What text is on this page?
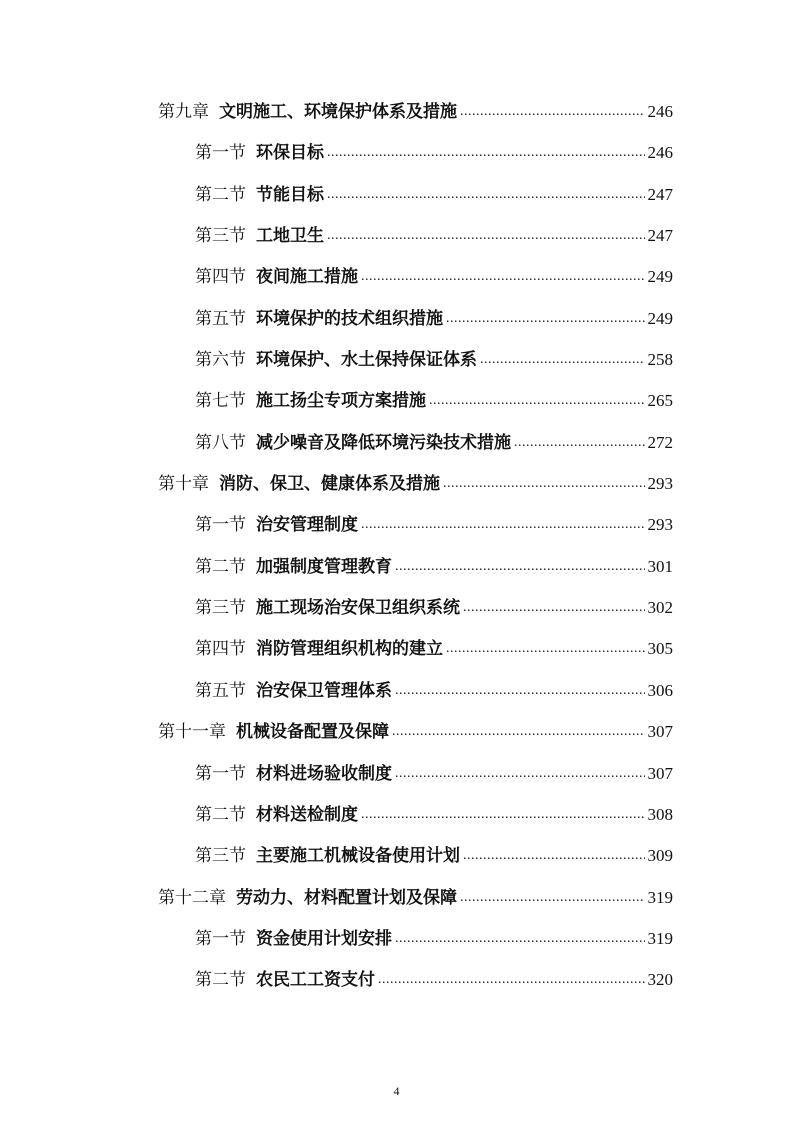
第九章 文明施工、环境保护体系及措施 .....	246
第一节 环保目标 .....	246
第二节 节能目标 .....	247
第三节 工地卫生 .....	247
第四节 夜间施工措施 .....	249
第五节 环境保护的技术组织措施 .....	249
第六节 环境保护、水土保持保证体系 .....	258
第七节 施工扬尘专项方案措施 .....	265
第八节 减少噪音及降低环境污染技术措施 .....	272
第十章 消防、保卫、健康体系及措施 .....	293
第一节 治安管理制度 .....	293
第二节 加强制度管理教育 .....	301
第三节 施工现场治安保卫组织系统 .....	302
第四节 消防管理组织机构的建立 .....	305
第五节 治安保卫管理体系 .....	306
第十一章 机械设备配置及保障 .....	307
第一节 材料进场验收制度 .....	307
第二节 材料送检制度 .....	308
第三节 主要施工机械设备使用计划 .....	309
第十二章 劳动力、材料配置计划及保障 .....	319
第一节 资金使用计划安排 .....	319
第二节 农民工工资支付 .....	320
4
